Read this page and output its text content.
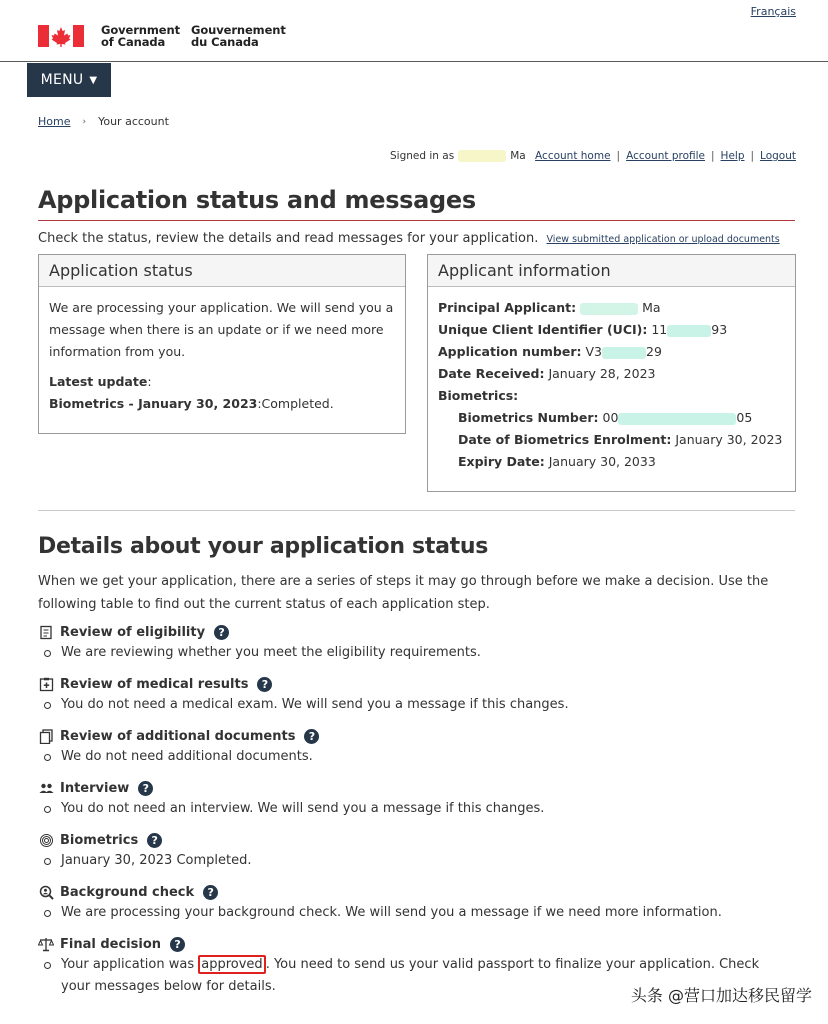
Français
Government
of Canada
Gouvernement
du Canada
MENU ▼
Home › Your account
Signed in as	Ma Account home | Account profile | Help | Logout
Application status and messages
Check the status, review the details and read messages for your application. View submitted application or upload documents
Application status
We are processing your application. We will send you a message when there is an update or if we need more information from you.
Latest update:
Biometrics - January 30, 2023:Completed.
Applicant information
Principal Applicant:	Ma
Unique Client Identifier (UCI): 11	93
Application number: V3	29
Date Received: January 28, 2023
Biometrics:
Biometrics Number: 00	05
Date of Biometrics Enrolment: January 30, 2023
Expiry Date: January 30, 2033
Details about your application status
When we get your application, there are a series of steps it may go through before we make a decision. Use the following table to find out the current status of each application step.
Review of eligibility	?
We are reviewing whether you meet the eligibility requirements.
Review of medical results	?
You do not need a medical exam. We will send you a message if this changes.
Review of additional documents	?
We do not need additional documents.
Interview	?
You do not need an interview. We will send you a message if this changes.
Biometrics	?
January 30, 2023 Completed.
Background check	?
We are processing your background check. We will send you a message if we need more information.
Final decision	?
Your application was approved . You need to send us your valid passport to finalize your application. Check your messages below for details.	头条 @营口加达移民留学
